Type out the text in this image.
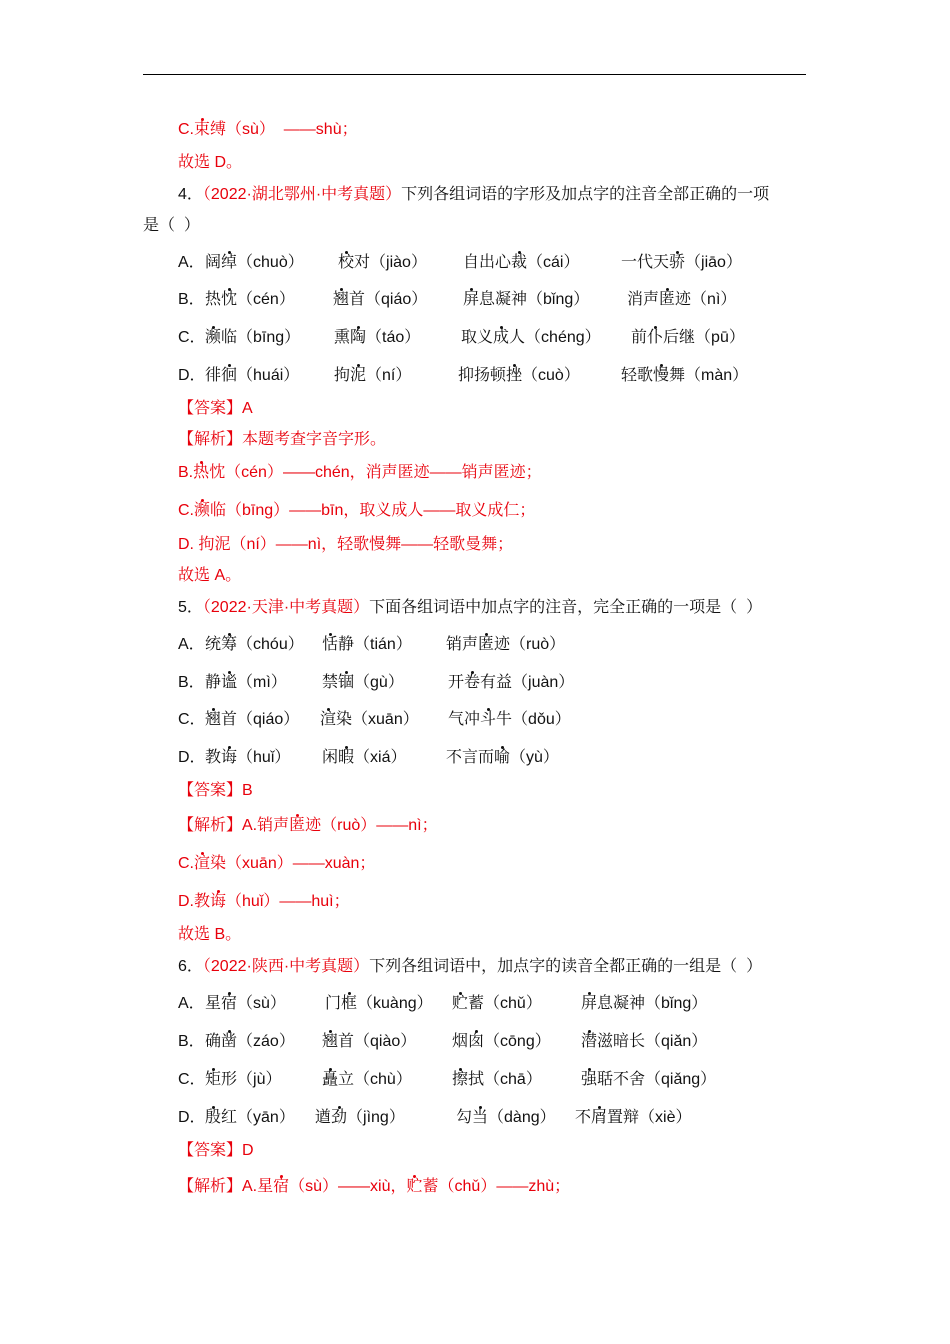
C.束缚（sù）  ——shù；
故选 D。
4．（2022·湖北鄂州·中考真题）下列各组词语的字形及加点字的注音全部正确的一项
是（  ）
A． 阔绰（chuò） 校对（jiào） 自出心裁（cái）	一代天骄（jiāo）
B． 热忱（cén） 翘首（qiáo） 屏息凝神（bǐng） 消声匿迹（nì）
C． 濒临（bīng） 熏陶（táo）	取义成人（chéng） 前仆后继（pū）
D． 徘徊（huái） 拘泥（ní）	抑扬顿挫（cuò）	轻歌慢舞（màn）
【答案】A
【解析】本题考查字音字形。
B.热忱（cén）——chén，消声匿迹——销声匿迹；
C.濒临（bīng）——bīn，取义成人——取义成仁；
D. 拘泥（ní）——nì，轻歌慢舞——轻歌曼舞；
故选 A。
5．（2022·天津·中考真题）下面各组词语中加点字的注音，完全正确的一项是（  ）
A． 统筹（chóu） 恬静（tián） 销声匿迹（ruò）
B． 静谧（mì） 禁锢（gù）	开卷有益（juàn）
C． 翘首（qiáo） 渲染（xuān） 气冲斗牛（dǒu）
D． 教诲（huǐ） 闲暇（xiá） 不言而喻（yù）
【答案】B
【解析】A.销声匿迹（ruò）——nì；
C.渲染（xuān）——xuàn；
D.教诲（huǐ）——huì；
故选 B。
6．（2022·陕西·中考真题）下列各组词语中，加点字的读音全都正确的一组是（  ）
A． 星宿（sù） 门框（kuàng） 贮蓄（chǔ） 屏息凝神（bǐng）
B． 确凿（záo） 翘首（qiào） 烟囱（cōng） 潜滋暗长（qiǎn）
C． 矩形（jù）	矗立（chù）	擦拭（chā） 强聒不舍（qiǎng）
D． 殷红（yān） 遒劲（jìng）	勾当（dàng） 不屑置辩（xiè）
【答案】D
【解析】A.星宿（sù）——xiù，贮蓄（chǔ）——zhù；
